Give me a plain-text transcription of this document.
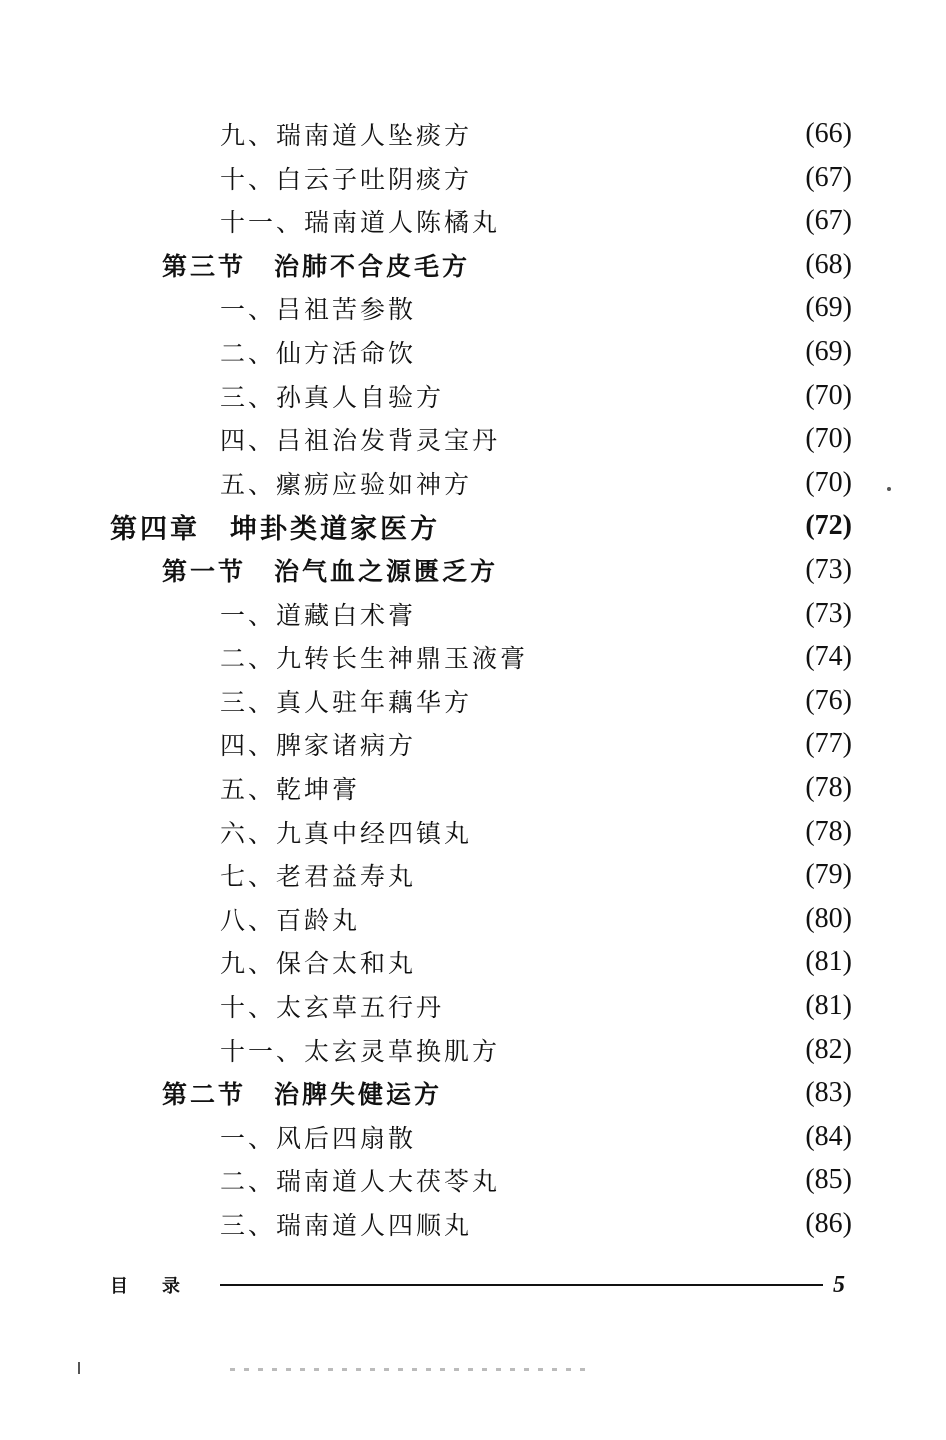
九、瑞南道人坠痰方	(66)
十、白云子吐阴痰方	(67)
十一、瑞南道人陈橘丸	(67)
第三节　治肺不合皮毛方	(68)
一、吕祖苦参散	(69)
二、仙方活命饮	(69)
三、孙真人自验方	(70)
四、吕祖治发背灵宝丹	(70)
五、瘰疬应验如神方	(70)
第四章　坤卦类道家医方	(72)
第一节　治气血之源匮乏方	(73)
一、道藏白术膏	(73)
二、九转长生神鼎玉液膏	(74)
三、真人驻年藕华方	(76)
四、脾家诸病方	(77)
五、乾坤膏	(78)
六、九真中经四镇丸	(78)
七、老君益寿丸	(79)
八、百龄丸	(80)
九、保合太和丸	(81)
十、太玄草五行丹	(81)
十一、太玄灵草换肌方	(82)
第二节　治脾失健运方	(83)
一、风后四扇散	(84)
二、瑞南道人大茯苓丸	(85)
三、瑞南道人四顺丸	(86)
目录	5
